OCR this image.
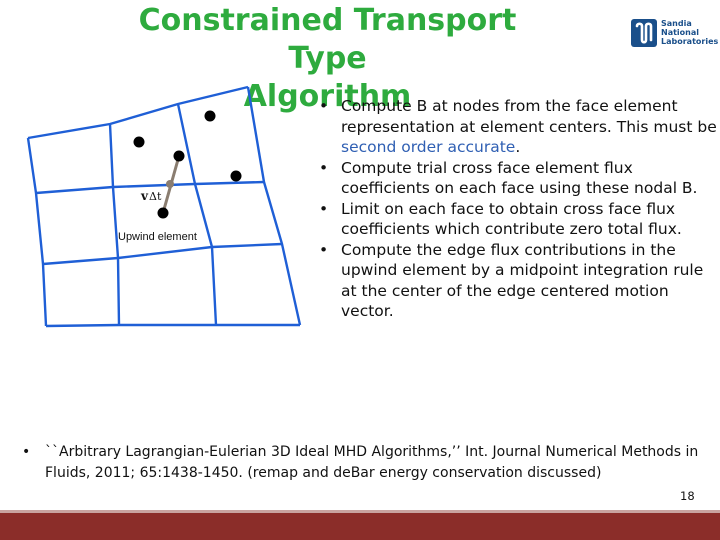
Constrained Transport Type
Algorithm
Sandia
National
Laboratories
v Δ t
Upwind element
• Compute B at nodes from the face element representation at element centers. This must be second order accurate.
• Compute trial cross face element flux coefficients on each face using these nodal B.
• Limit on each face to obtain cross face flux coefficients which contribute zero total flux.
• Compute the edge flux contributions in the upwind element by a midpoint integration rule at the center of the edge centered motion vector.
•	``Arbitrary Lagrangian-Eulerian 3D Ideal MHD Algorithms,’’ Int. Journal Numerical Methods in Fluids, 2011; 65:1438-1450. (remap and deBar energy conservation discussed)
18
